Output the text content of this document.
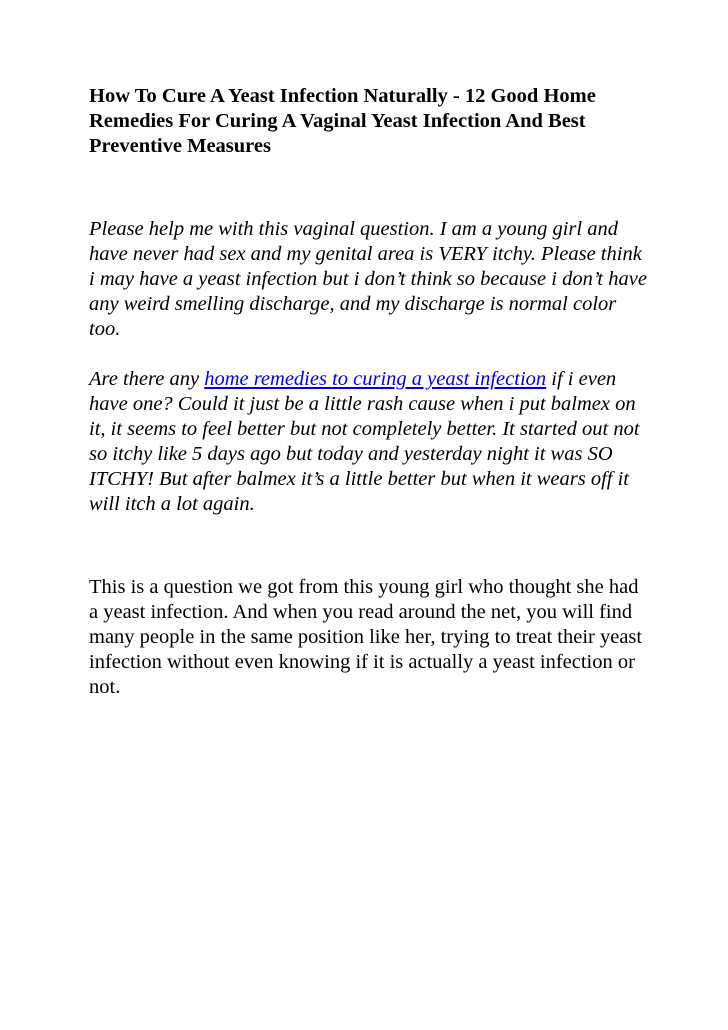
How To Cure A Yeast Infection Naturally - 12 Good Home Remedies For Curing A Vaginal Yeast Infection And Best Preventive Measures

Please help me with this vaginal question. I am a young girl and have never had sex and my genital area is VERY itchy. Please think i may have a yeast infection but i don’t think so because i don’t have any weird smelling discharge, and my discharge is normal color too.

Are there any home remedies to curing a yeast infection if i even have one? Could it just be a little rash cause when i put balmex on it, it seems to feel better but not completely better. It started out not so itchy like 5 days ago but today and yesterday night it was SO ITCHY! But after balmex it’s a little better but when it wears off it will itch a lot again.

This is a question we got from this young girl who thought she had a yeast infection. And when you read around the net, you will find many people in the same position like her, trying to treat their yeast infection without even knowing if it is actually a yeast infection or not.
